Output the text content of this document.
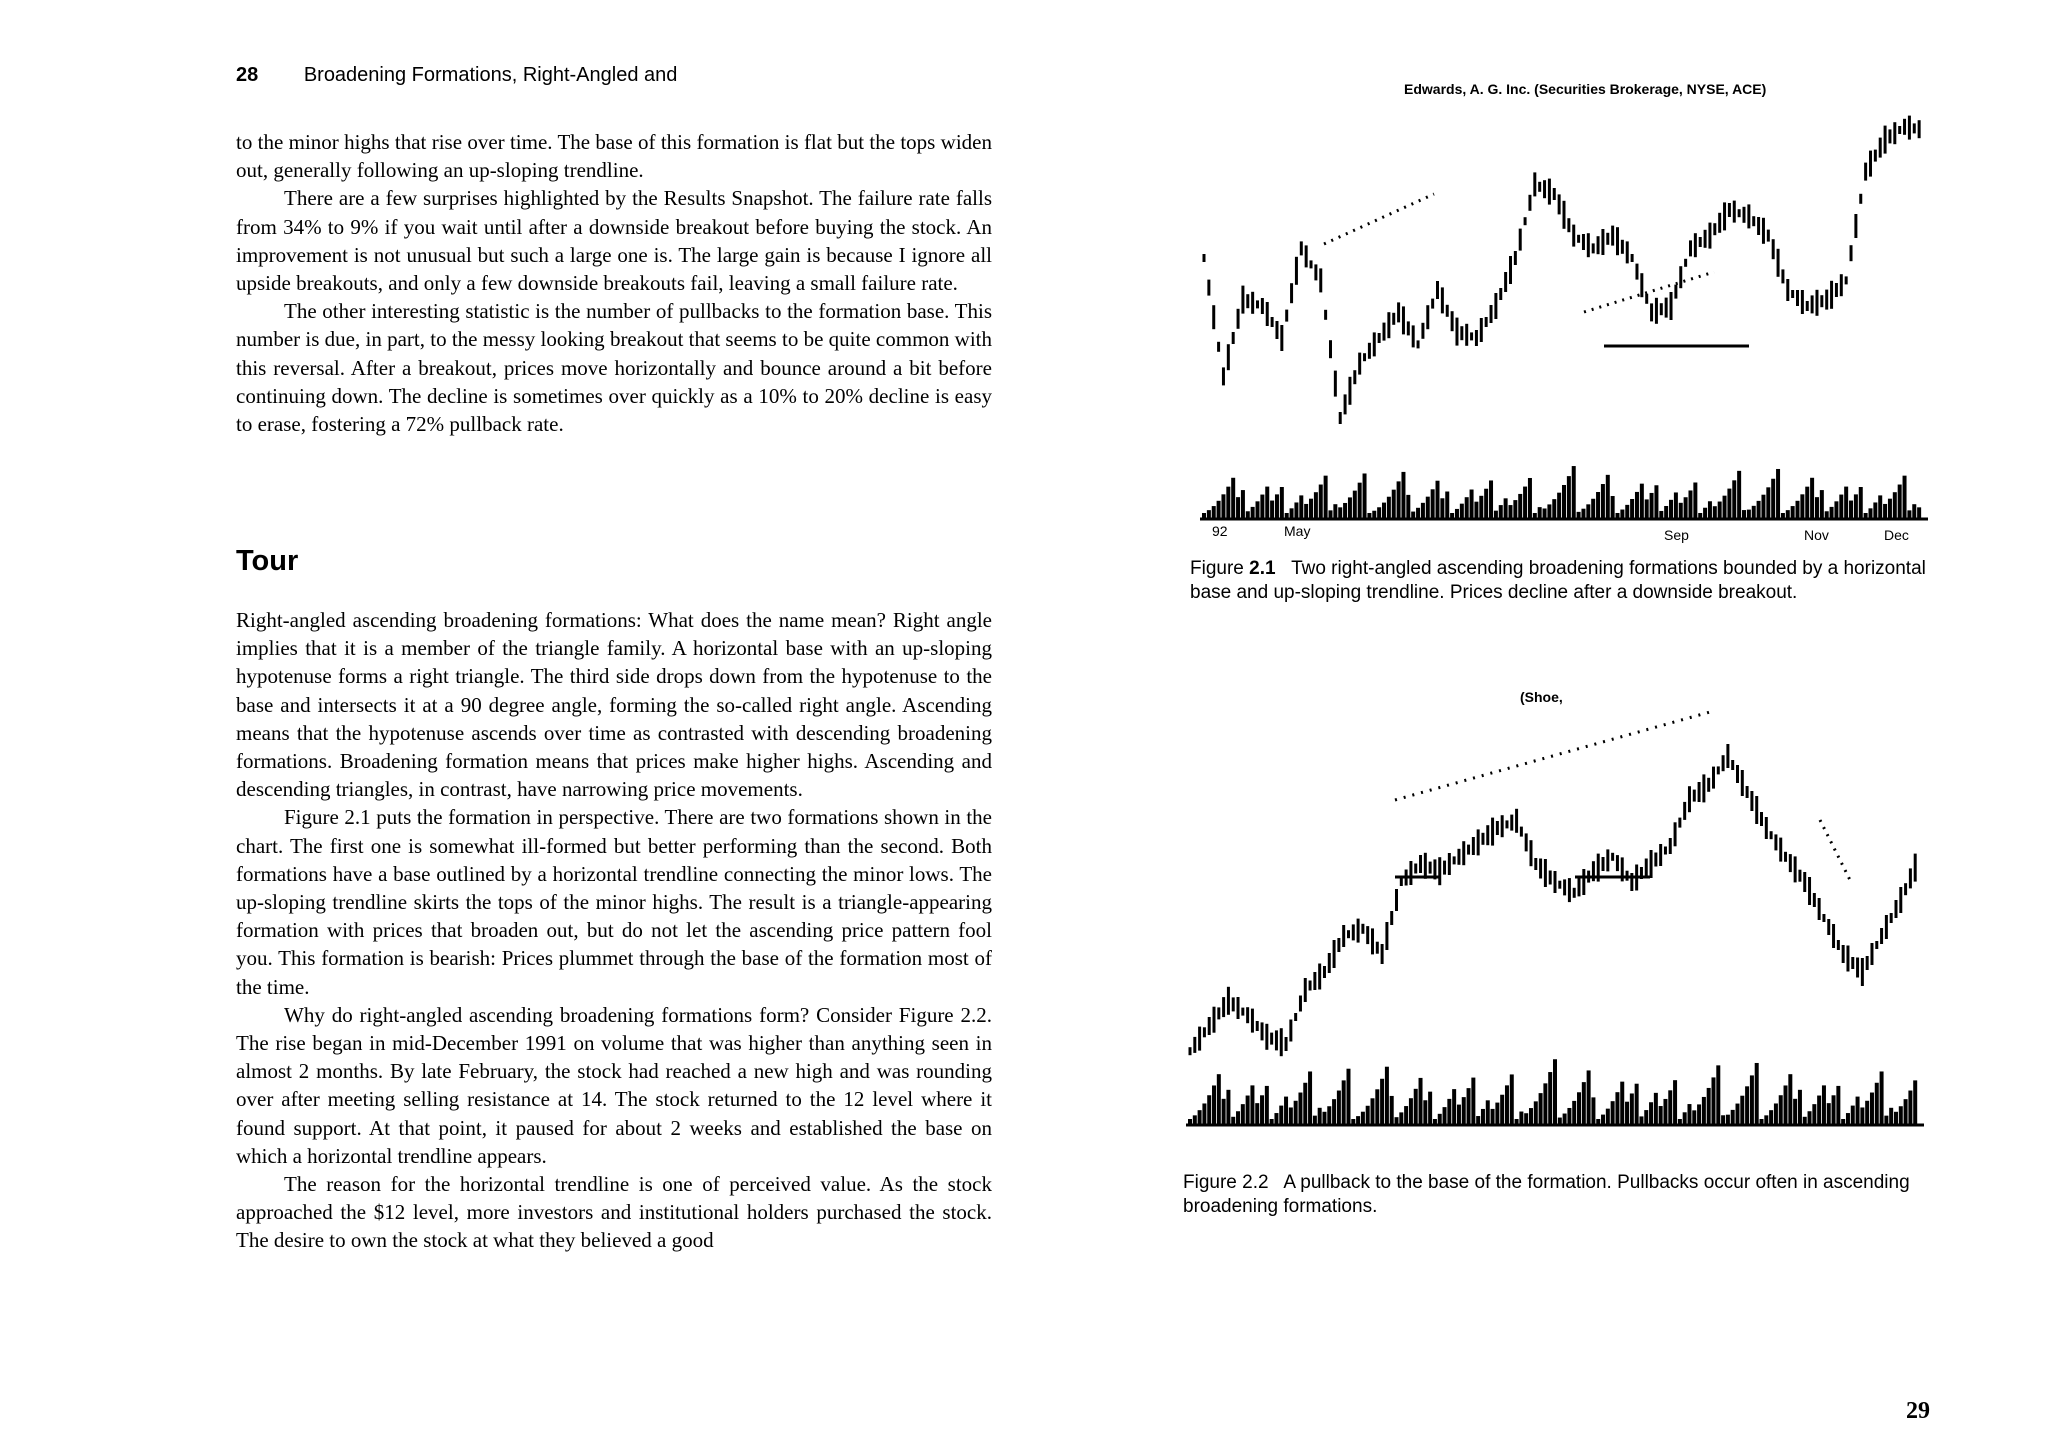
28 Broadening Formations, Right-Angled and

to the minor highs that rise over time. The base of this formation is flat but the tops widen out, generally following an up-sloping trendline.

There are a few surprises highlighted by the Results Snapshot. The failure rate falls from 34% to 9% if you wait until after a downside breakout before buying the stock. An improvement is not unusual but such a large one is. The large gain is because I ignore all upside breakouts, and only a few downside breakouts fail, leaving a small failure rate.

The other interesting statistic is the number of pullbacks to the formation base. This number is due, in part, to the messy looking breakout that seems to be quite common with this reversal. After a breakout, prices move horizontally and bounce around a bit before continuing down. The decline is sometimes over quickly as a 10% to 20% decline is easy to erase, fostering a 72% pullback rate.

Tour

Right-angled ascending broadening formations: What does the name mean? Right angle implies that it is a member of the triangle family. A horizontal base with an up-sloping hypotenuse forms a right triangle. The third side drops down from the hypotenuse to the base and intersects it at a 90 degree angle, forming the so-called right angle. Ascending means that the hypotenuse ascends over time as contrasted with descending broadening formations. Broadening formation means that prices make higher highs. Ascending and descending triangles, in contrast, have narrowing price movements.

Figure 2.1 puts the formation in perspective. There are two formations shown in the chart. The first one is somewhat ill-formed but better performing than the second. Both formations have a base outlined by a horizontal trendline connecting the minor lows. The up-sloping trendline skirts the tops of the minor highs. The result is a triangle-appearing formation with prices that broaden out, but do not let the ascending price pattern fool you. This formation is bearish: Prices plummet through the base of the formation most of the time.

Why do right-angled ascending broadening formations form? Consider Figure 2.2. The rise began in mid-December 1991 on volume that was higher than anything seen in almost 2 months. By late February, the stock had reached a new high and was rounding over after meeting selling resistance at 14. The stock returned to the 12 level where it found support. At that point, it paused for about 2 weeks and established the base on which a horizontal trendline appears.

The reason for the horizontal trendline is one of perceived value. As the stock approached the $12 level, more investors and institutional holders purchased the stock. The desire to own the stock at what they believed a good

Edwards, A. G. Inc. (Securities Brokerage, NYSE, ACE)
92	May	Sep	Nov	Dec
Figure 2.1 Two right-angled ascending broadening formations bounded by a horizontal base and up-sloping trendline. Prices decline after a downside breakout.
(Shoe,
Figure 2.2 A pullback to the base of the formation. Pullbacks occur often in ascending broadening formations.
29
